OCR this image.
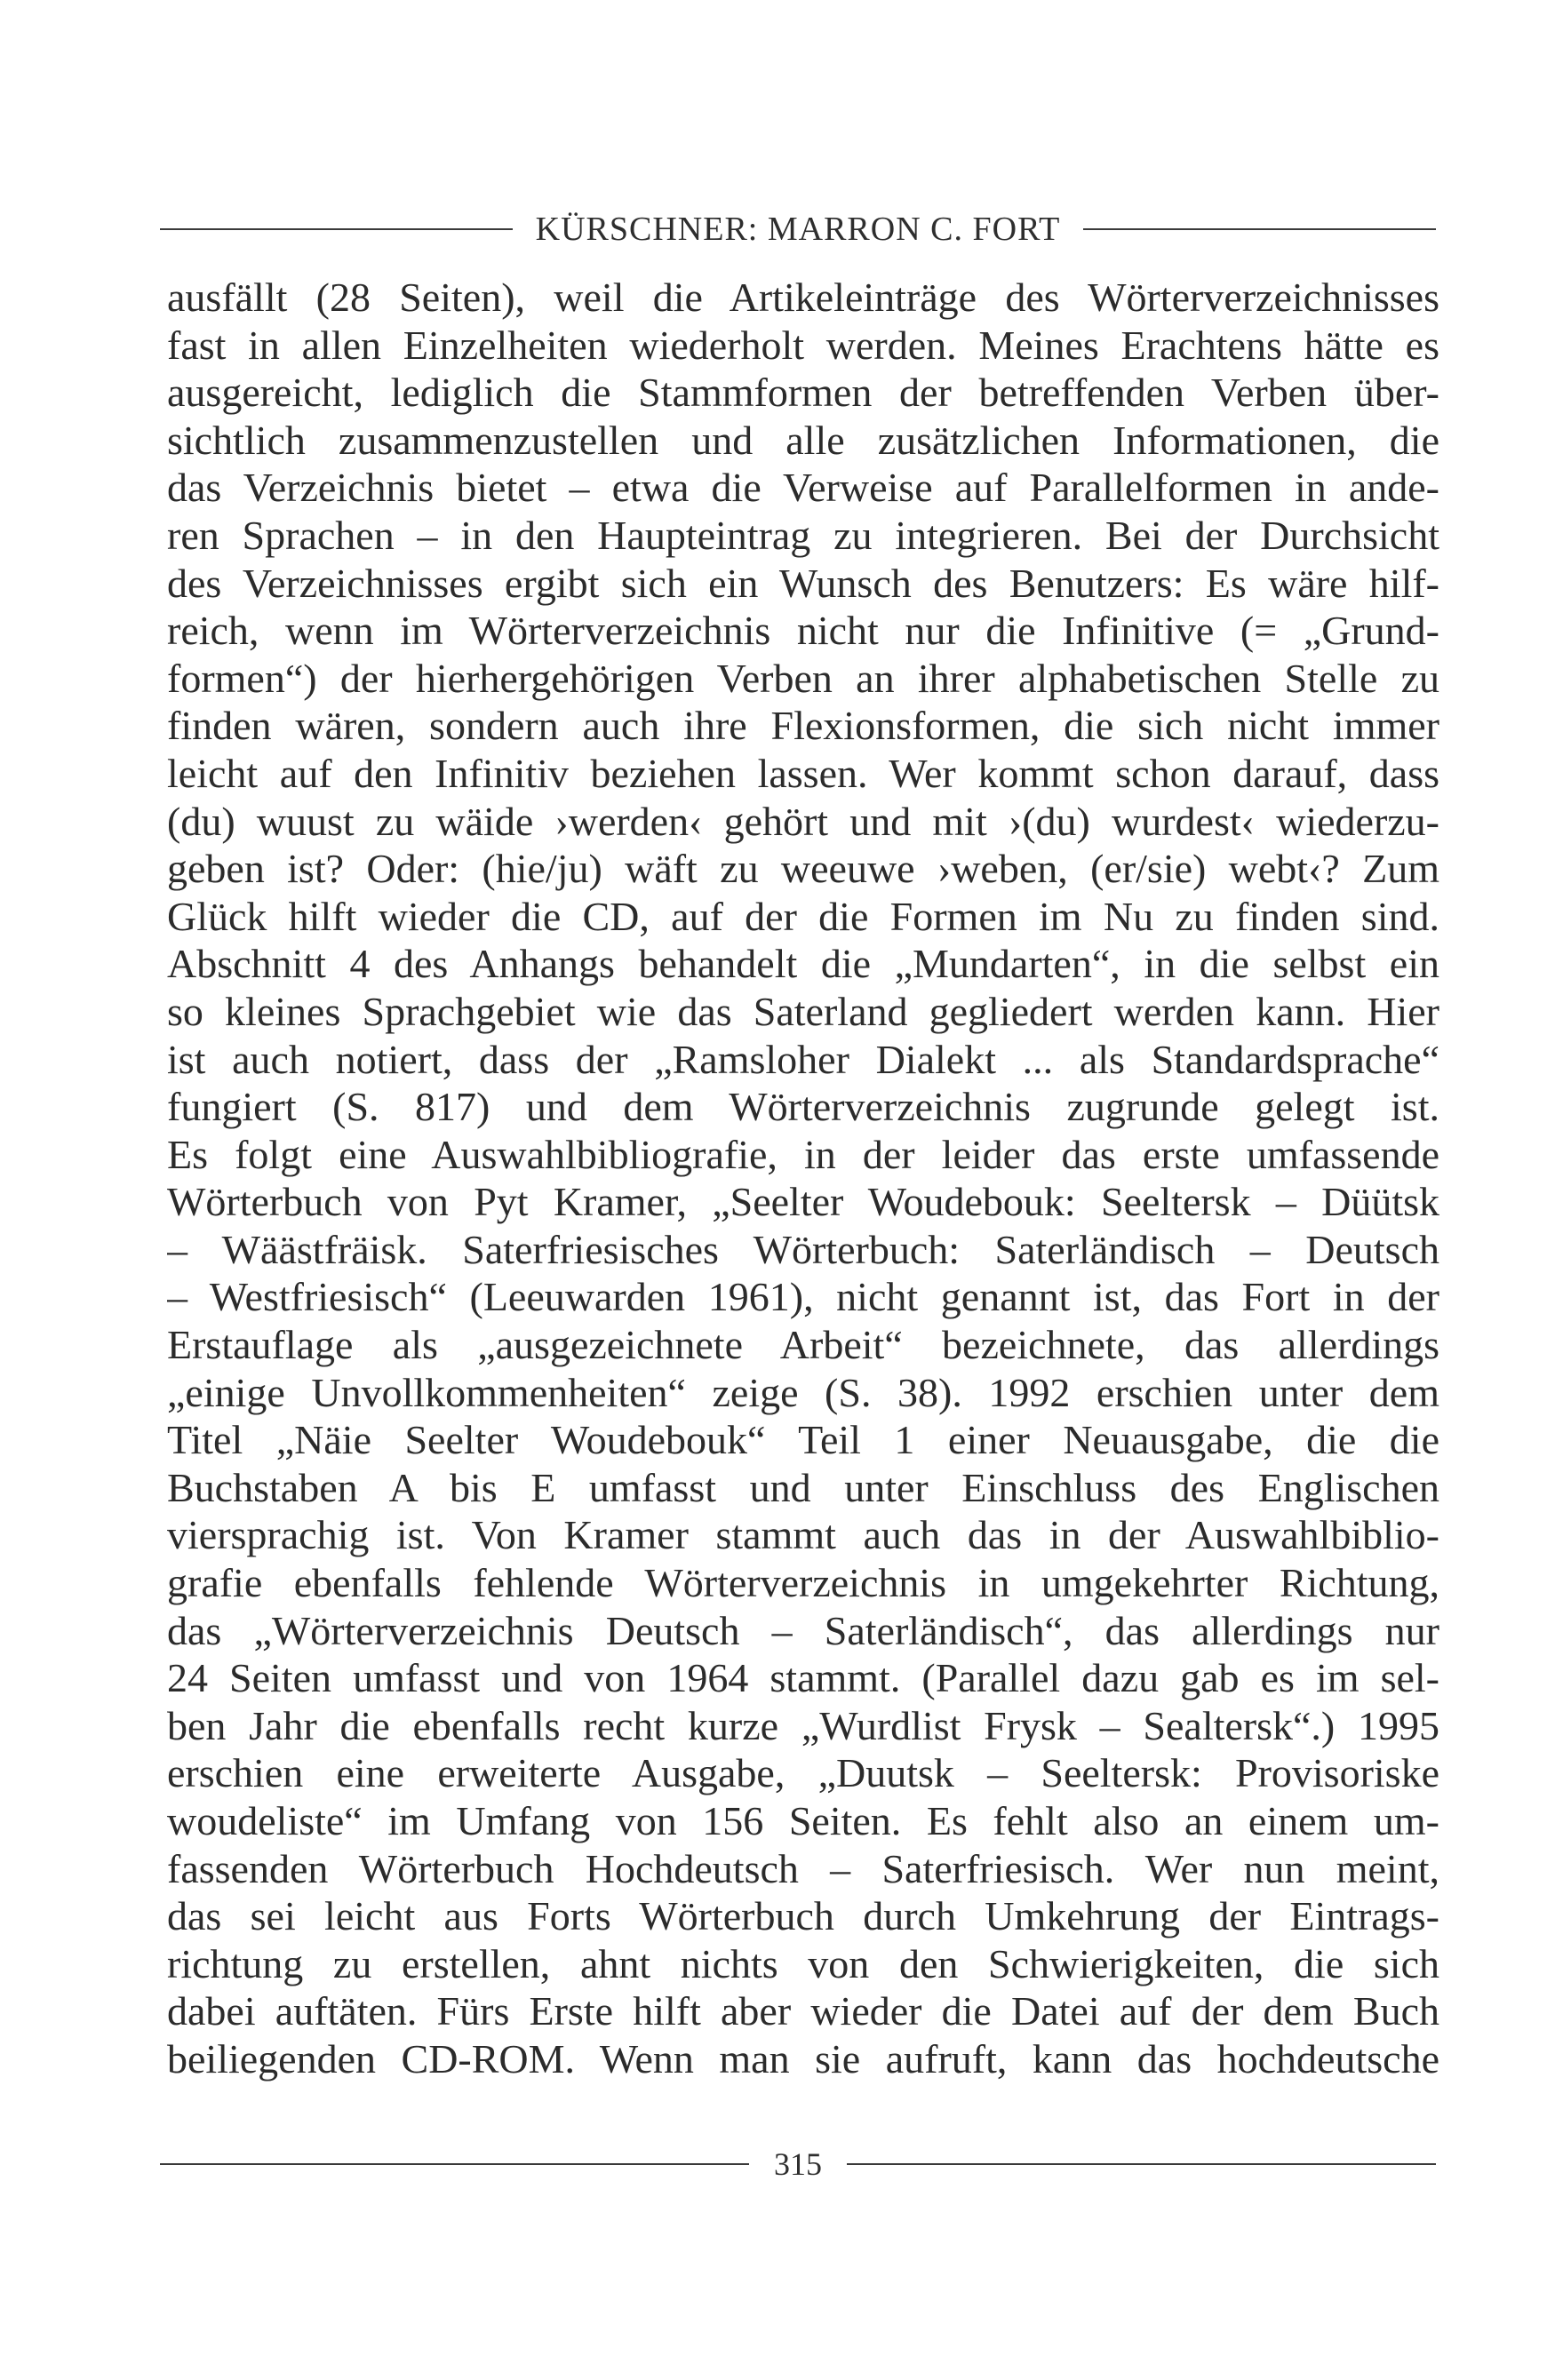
KÜRSCHNER: MARRON C. FORT
ausfällt (28 Seiten), weil die Artikeleinträge des Wörterverzeichnisses
fast in allen Einzelheiten wiederholt werden. Meines Erachtens hätte es
ausgereicht, lediglich die Stammformen der betreffenden Verben über-
sichtlich zusammenzustellen und alle zusätzlichen Informationen, die
das Verzeichnis bietet – etwa die Verweise auf Parallelformen in ande-
ren Sprachen – in den Haupteintrag zu integrieren. Bei der Durchsicht
des Verzeichnisses ergibt sich ein Wunsch des Benutzers: Es wäre hilf-
reich, wenn im Wörterverzeichnis nicht nur die Infinitive (= „Grund-
formen“) der hierhergehörigen Verben an ihrer alphabetischen Stelle zu
finden wären, sondern auch ihre Flexionsformen, die sich nicht immer
leicht auf den Infinitiv beziehen lassen. Wer kommt schon darauf, dass
(du) wuust zu wäide ›werden‹ gehört und mit ›(du) wurdest‹ wiederzu-
geben ist? Oder: (hie/ju) wäft zu weeuwe ›weben, (er/sie) webt‹? Zum
Glück hilft wieder die CD, auf der die Formen im Nu zu finden sind.
Abschnitt 4 des Anhangs behandelt die „Mundarten“, in die selbst ein
so kleines Sprachgebiet wie das Saterland gegliedert werden kann. Hier
ist auch notiert, dass der „Ramsloher Dialekt ... als Standardsprache“
fungiert (S. 817) und dem Wörterverzeichnis zugrunde gelegt ist.
Es folgt eine Auswahlbibliografie, in der leider das erste umfassende
Wörterbuch von Pyt Kramer, „Seelter Woudebouk: Seeltersk – Düütsk
– Wäästfräisk. Saterfriesisches Wörterbuch: Saterländisch – Deutsch
– Westfriesisch“ (Leeuwarden 1961), nicht genannt ist, das Fort in der
Erstauflage als „ausgezeichnete Arbeit“ bezeichnete, das allerdings
„einige Unvollkommenheiten“ zeige (S. 38). 1992 erschien unter dem
Titel „Näie Seelter Woudebouk“ Teil 1 einer Neuausgabe, die die
Buchstaben A bis E umfasst und unter Einschluss des Englischen
viersprachig ist. Von Kramer stammt auch das in der Auswahlbiblio-
grafie ebenfalls fehlende Wörterverzeichnis in umgekehrter Richtung,
das „Wörterverzeichnis Deutsch – Saterländisch“, das allerdings nur
24 Seiten umfasst und von 1964 stammt. (Parallel dazu gab es im sel-
ben Jahr die ebenfalls recht kurze „Wurdlist Frysk – Sealtersk“.) 1995
erschien eine erweiterte Ausgabe, „Duutsk – Seeltersk: Provisoriske
woudeliste“ im Umfang von 156 Seiten. Es fehlt also an einem um-
fassenden Wörterbuch Hochdeutsch – Saterfriesisch. Wer nun meint,
das sei leicht aus Forts Wörterbuch durch Umkehrung der Eintrags-
richtung zu erstellen, ahnt nichts von den Schwierigkeiten, die sich
dabei auftäten. Fürs Erste hilft aber wieder die Datei auf der dem Buch
beiliegenden CD-ROM. Wenn man sie aufruft, kann das hochdeutsche
315
